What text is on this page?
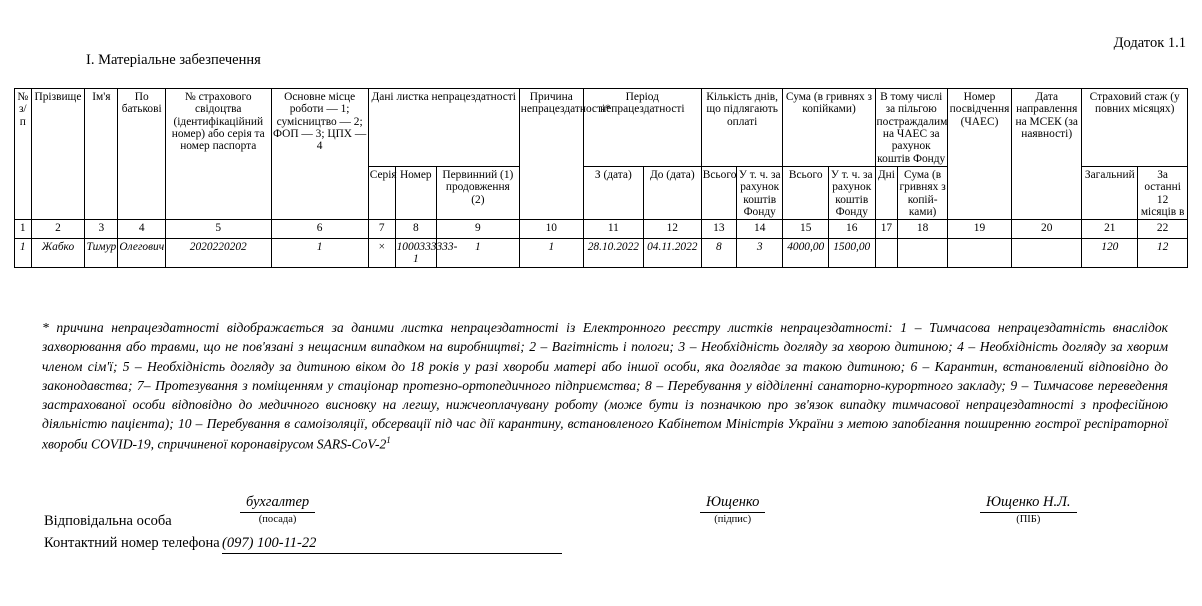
Додаток 1.1
I. Матеріальне забезпечення
№ з/п	Прізвище	Ім'я	По батькові	№ страхового свідоцтва (ідентифікаційний номер) або серія та номер паспорта	Основне місце роботи — 1; сумісництво — 2; ФОП — 3; ЦПХ — 4	Дані листка непрацездатності			Причина непрацездатності*	Період непрацездатності		Кількість днів, що підлягають оплаті		Сума (в гривнях з копійками)		В тому числі за пільгою постраждалим на ЧАЕС за рахунок коштів Фонду		Номер посвідчення (ЧАЕС)	Дата направлення на МСЕК (за наявності)	Страховий стаж (у повних місяцях)	
						Серія	Номер	Первинний (1) продовження (2)		З (дата)	До (дата)	Всього	У т. ч. за рахунок коштів Фонду	Всього	У т. ч. за рахунок коштів Фонду	Дні	Сума (в гривнях з копій-ками)			Загальний	За останні 12 місяців в
1	2	3	4	5	6	7	8	9	10	11	12	13	14	15	16	17	18	19	20	21	22
1	Жабко	Тимур	Олегович	2020220202	1	×	1000333333-1	1	1	28.10.2022	04.11.2022	8	3	4000,00	1500,00					120	12
* причина непрацездатності відображається за даними листка непрацездатності із Електронного реєстру листків непрацездатності: 1 – Тимчасова непрацездатність внаслідок захворювання або травми, що не пов'язані з нещасним випадком на виробництві; 2 – Вагітність і пологи; 3 – Необхідність догляду за хворою дитиною; 4 – Необхідність догляду за хворим членом сім'ї; 5 – Необхідність догляду за дитиною віком до 18 років у разі хвороби матері або іншої особи, яка доглядає за такою дитиною; 6 – Карантин, встановлений відповідно до законодавства; 7– Протезування з поміщенням у стаціонар протезно-ортопедичного підприємства; 8 – Перебування у відділенні санаторно-курортного закладу; 9 – Тимчасове переведення застрахованої особи відповідно до медичного висновку на легшу, нижчеоплачувану роботу (може бути із позначкою про зв'язок випадку тимчасової непрацездатності з професійною діяльністю пацієнта); 10 – Перебування в самоізоляції, обсервації під час дії карантину, встановленого Кабінетом Міністрів України з метою запобігання поширенню гострої респіраторної хвороби COVID-19, спричиненої коронавірусом SARS-$CoV-2^1$
Відповідальна особа
Контактний номер телефона (097) 100-11-22
бухгалтер
(посада)
Ющенко
(підпис)
Ющенко Н.Л.
(ПІБ)
